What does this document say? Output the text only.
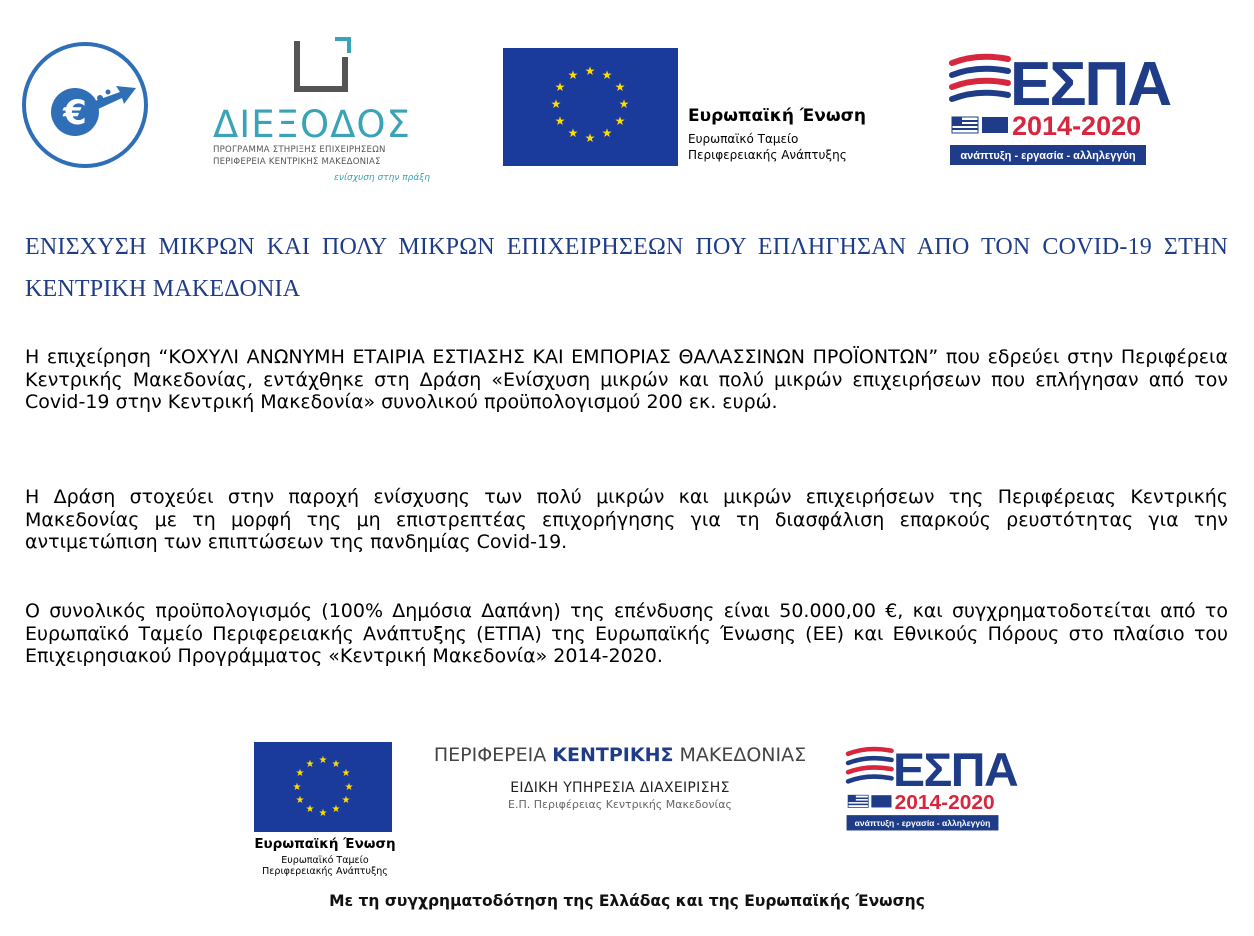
€	ΔΙΕΞΟΔΟΣ
ΠΡΟΓΡΑΜΜΑ ΣΤΗΡΙΞΗΣ ΕΠΙΧΕΙΡΗΣΕΩΝ
ΠΕΡΙΦΕΡΕΙΑ ΚΕΝΤΡΙΚΗΣ ΜΑΚΕΔΟΝΙΑΣ
ενίσχυση στην πράξη
★ ★
★
★
★
★
★
★
★
★
★
★
Ευρωπαϊκή Ένωση
Ευρωπαϊκό Ταμείο
Περιφερειακής Ανάπτυξης
ΕΣΠΑ
2014-2020
ανάπτυξη - εργασία - αλληλεγγύη
ΕΝΙΣΧΥΣΗ ΜΙΚΡΩΝ ΚΑΙ ΠΟΛΥ ΜΙΚΡΩΝ ΕΠΙΧΕΙΡΗΣΕΩΝ ΠΟΥ ΕΠΛΗΓΗΣΑΝ ΑΠΟ ΤΟΝ COVID-19 ΣΤΗΝ ΚΕΝΤΡΙΚΗ ΜΑΚΕΔΟΝΙΑ
Η επιχείρηση “ΚΟΧΥΛΙ ΑΝΩΝΥΜΗ ΕΤΑΙΡΙΑ ΕΣΤΙΑΣΗΣ ΚΑΙ ΕΜΠΟΡΙΑΣ ΘΑΛΑΣΣΙΝΩΝ ΠΡΟΪΟΝΤΩΝ” που εδρεύει στην Περιφέρεια Κεντρικής Μακεδονίας, εντάχθηκε στη Δράση «Ενίσχυση μικρών και πολύ μικρών επιχειρήσεων που επλήγησαν από τον Covid-19 στην Κεντρική Μακεδονία» συνολικού προϋπολογισμού 200 εκ. ευρώ.
Η Δράση στοχεύει στην παροχή ενίσχυσης των πολύ μικρών και μικρών επιχειρήσεων της Περιφέρειας Κεντρικής Μακεδονίας με τη μορφή της μη επιστρεπτέας επιχορήγησης για τη διασφάλιση επαρκούς ρευστότητας για την αντιμετώπιση των επιπτώσεων της πανδημίας Covid-19.
Ο συνολικός προϋπολογισμός (100% Δημόσια Δαπάνη) της επένδυσης είναι 50.000,00 €, και συγχρηματοδοτείται από το Ευρωπαϊκό Ταμείο Περιφερειακής Ανάπτυξης (ΕΤΠΑ) της Ευρωπαϊκής Ένωσης (ΕΕ) και Εθνικούς Πόρους στο πλαίσιο του Επιχειρησιακού Προγράμματος «Κεντρική Μακεδονία» 2014-2020.
★ ★
★
★
★
★
★
★
★
★
★
★
Ευρωπαϊκή Ένωση
Ευρωπαϊκό Ταμείο
Περιφερειακής Ανάπτυξης
ΠΕΡΙΦΕΡΕΙΑ ΚΕΝΤΡΙΚΗΣ ΜΑΚΕΔΟΝΙΑΣ
ΕΙΔΙΚΗ ΥΠΗΡΕΣΙΑ ΔΙΑΧΕΙΡΙΣΗΣ
Ε.Π. Περιφέρειας Κεντρικής Μακεδονίας
ΕΣΠΑ
2014-2020
ανάπτυξη - εργασία - αλληλεγγύη
Με τη συγχρηματοδότηση της Ελλάδας και της Ευρωπαϊκής Ένωσης
